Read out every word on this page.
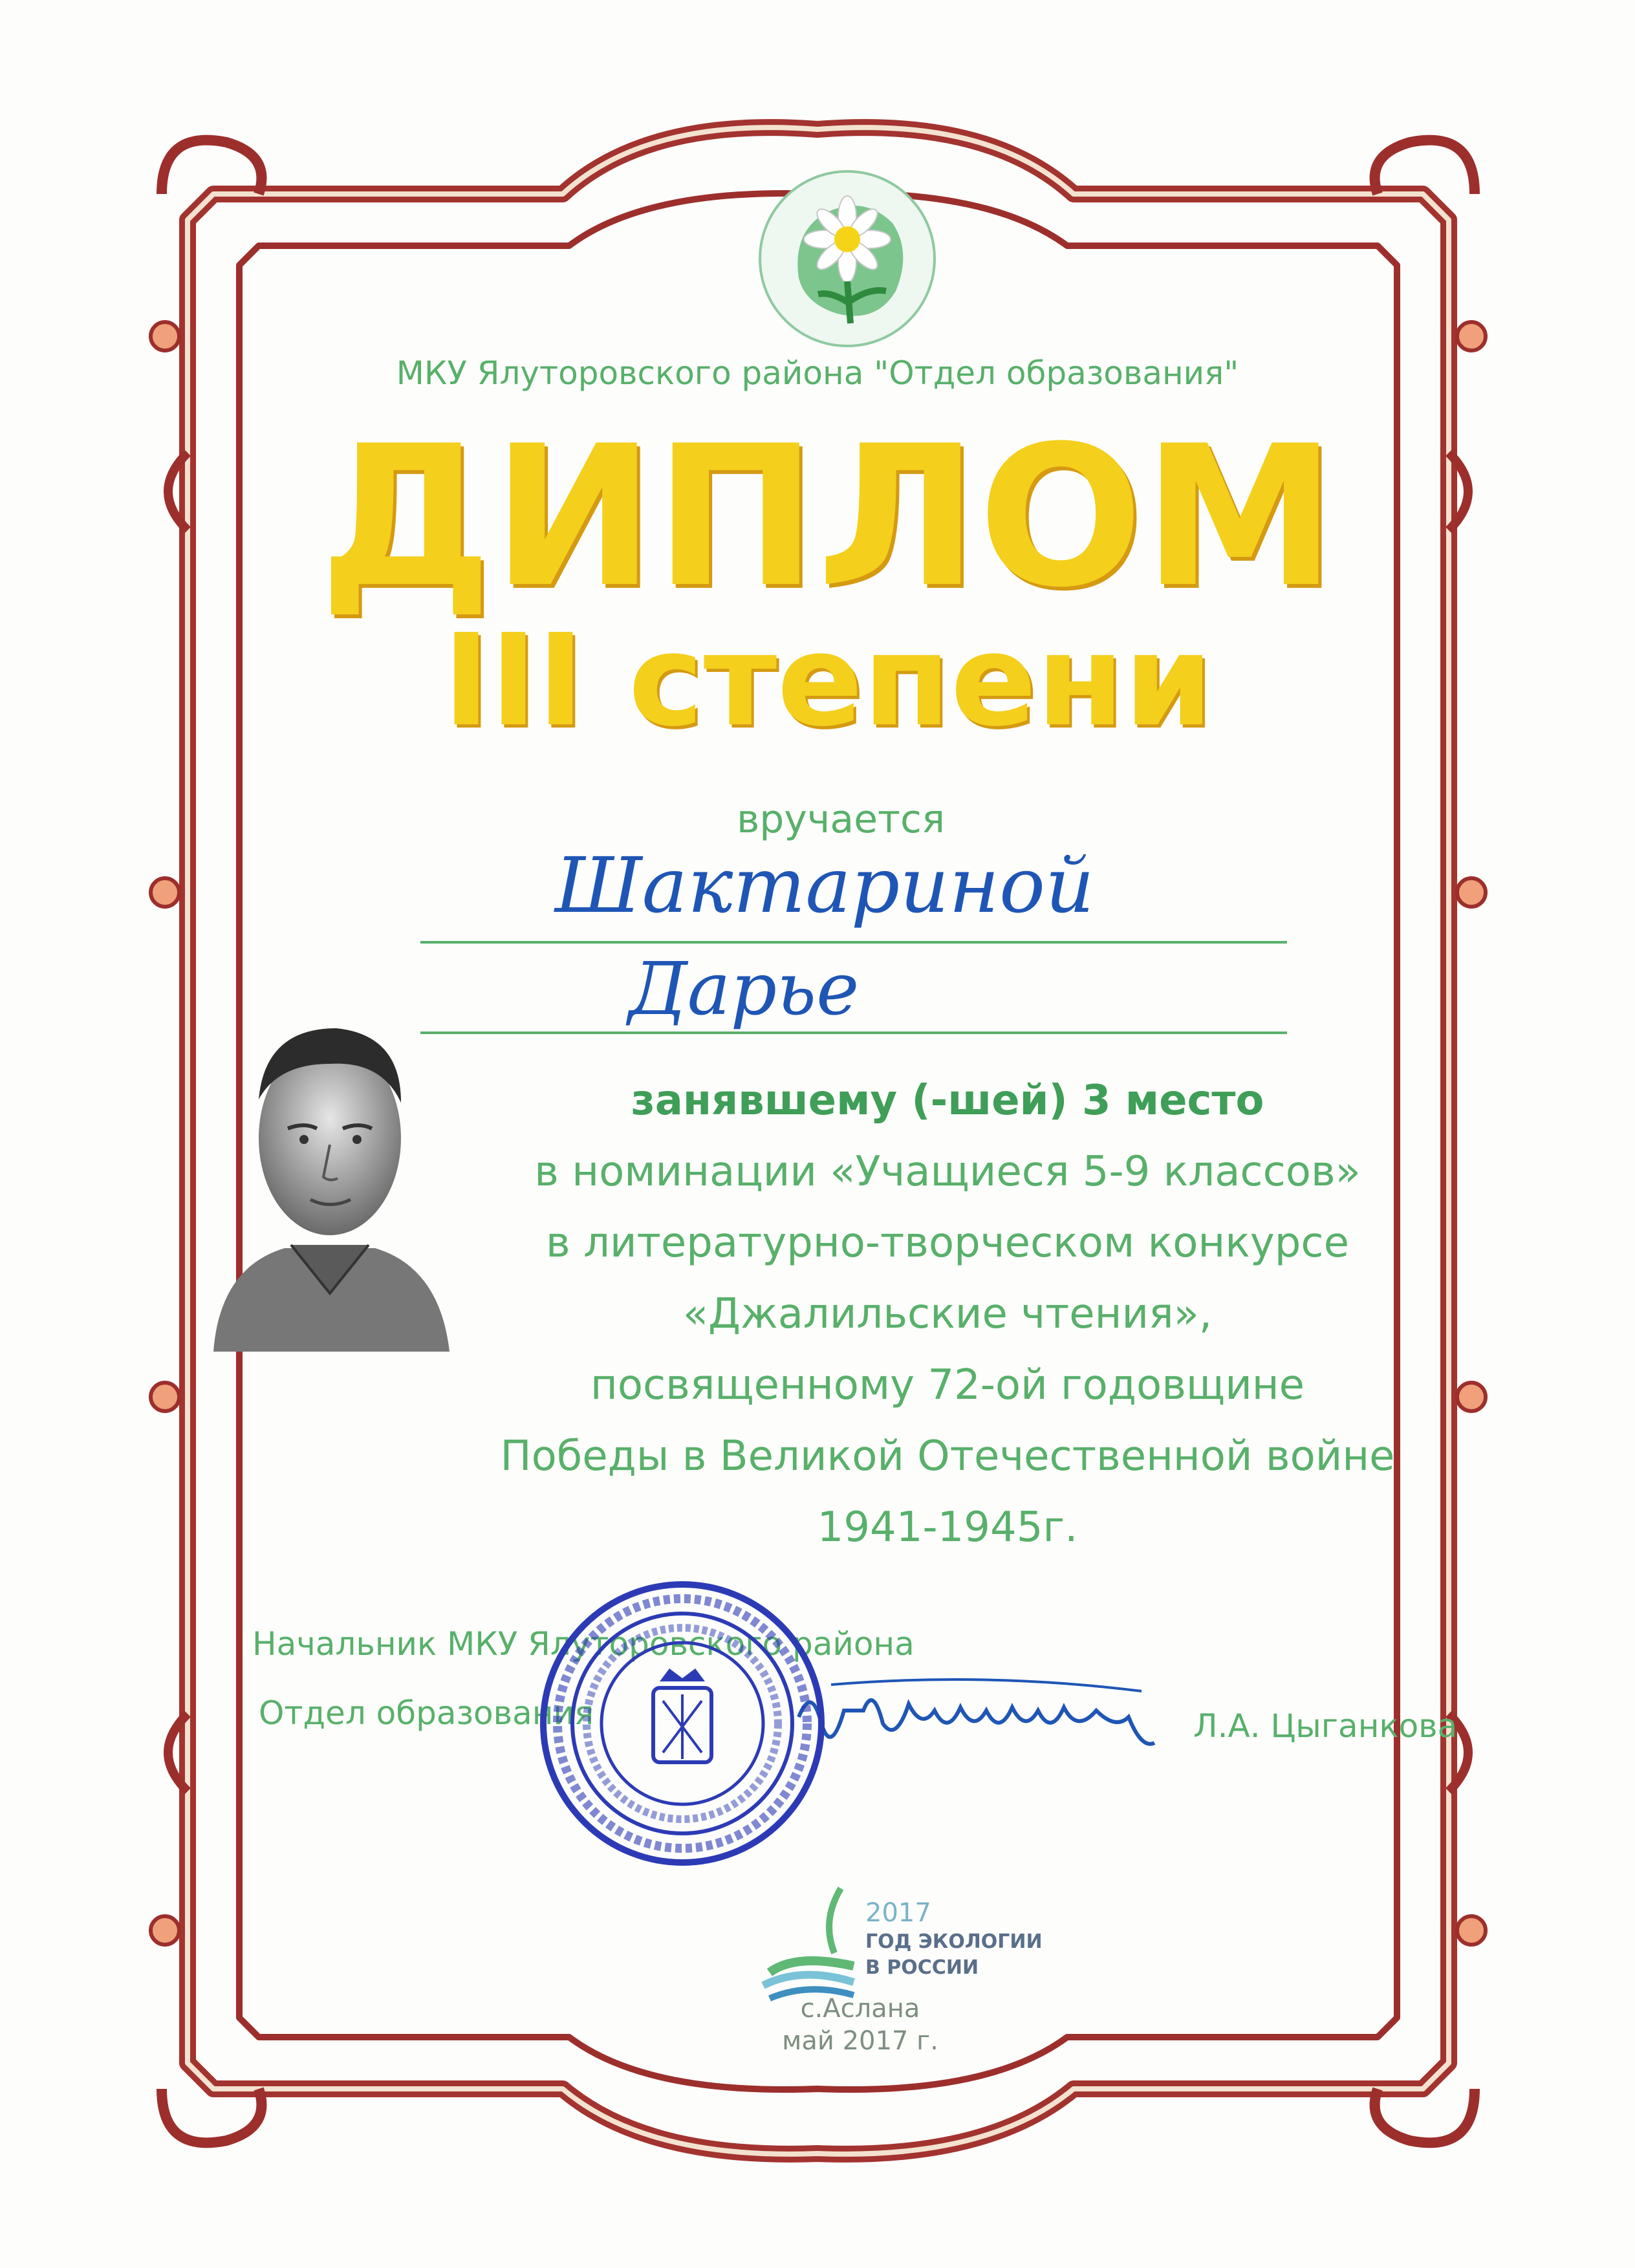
МКУ Ялуторовского района "Отдел образования"
ДИПЛОМ
III степени
вручается
Шактариной
Дарье
занявшему (-шей) 3 место
в номинации «Учащиеся 5-9 классов»
в литературно-творческом конкурсе
«Джалильские чтения»,
посвященному 72-ой годовщине
Победы в Великой Отечественной войне
1941-1945г.
Начальник МКУ Ялуторовского района
Отдел образования	Л.А. Цыганкова
2017
ГОД ЭКОЛОГИИ
В РОССИИ
с.Аслана
май 2017 г.
